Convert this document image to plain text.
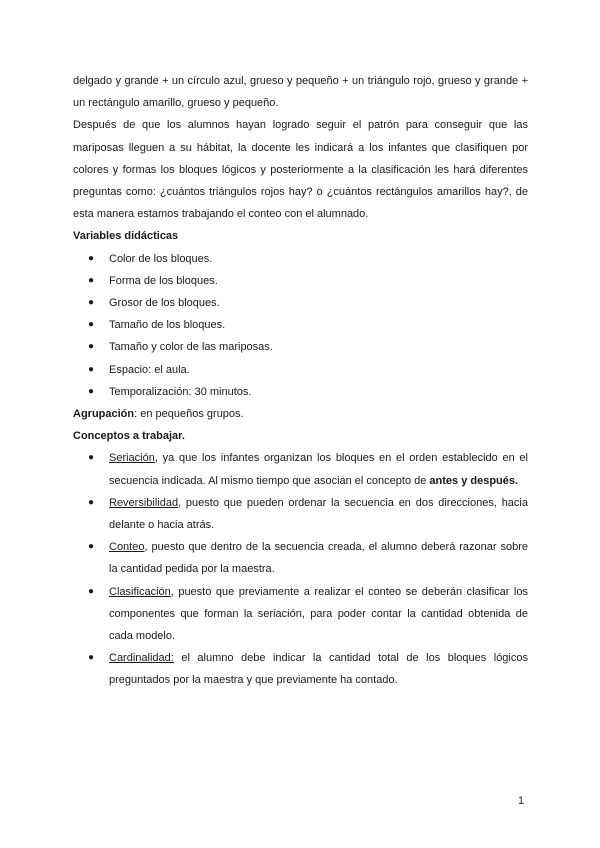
delgado y grande + un círculo azul, grueso y pequeño + un triángulo rojo, grueso y grande + un rectángulo amarillo, grueso y pequeño.

Después de que los alumnos hayan logrado seguir el patrón para conseguir que las mariposas lleguen a su hábitat, la docente les indicará a los infantes que clasifiquen por colores y formas los bloques lógicos y posteriormente a la clasificación les hará diferentes preguntas como: ¿cuántos triángulos rojos hay? o ¿cuántos rectángulos amarillos hay?, de esta manera estamos trabajando el conteo con el alumnado.

Variables didácticas

● Color de los bloques.
● Forma de los bloques.
● Grosor de los bloques.
● Tamaño de los bloques.
● Tamaño y color de las mariposas.
● Espacio: el aula.
● Temporalización: 30 minutos.

Agrupación: en pequeños grupos.

Conceptos a trabajar.

● Seriación, ya que los infantes organizan los bloques en el orden establecido en el secuencia indicada. Al mismo tiempo que asocian el concepto de antes y después.
● Reversibilidad, puesto que pueden ordenar la secuencia en dos direcciones, hacia delante o hacia atrás.
● Conteo, puesto que dentro de la secuencia creada, el alumno deberá razonar sobre la cantidad pedida por la maestra.
● Clasificación, puesto que previamente a realizar el conteo se deberán clasificar los componentes que forman la seriación, para poder contar la cantidad obtenida de cada modelo.
● Cardinalidad: el alumno debe indicar la cantidad total de los bloques lógicos preguntados por la maestra y que previamente ha contado.
1
